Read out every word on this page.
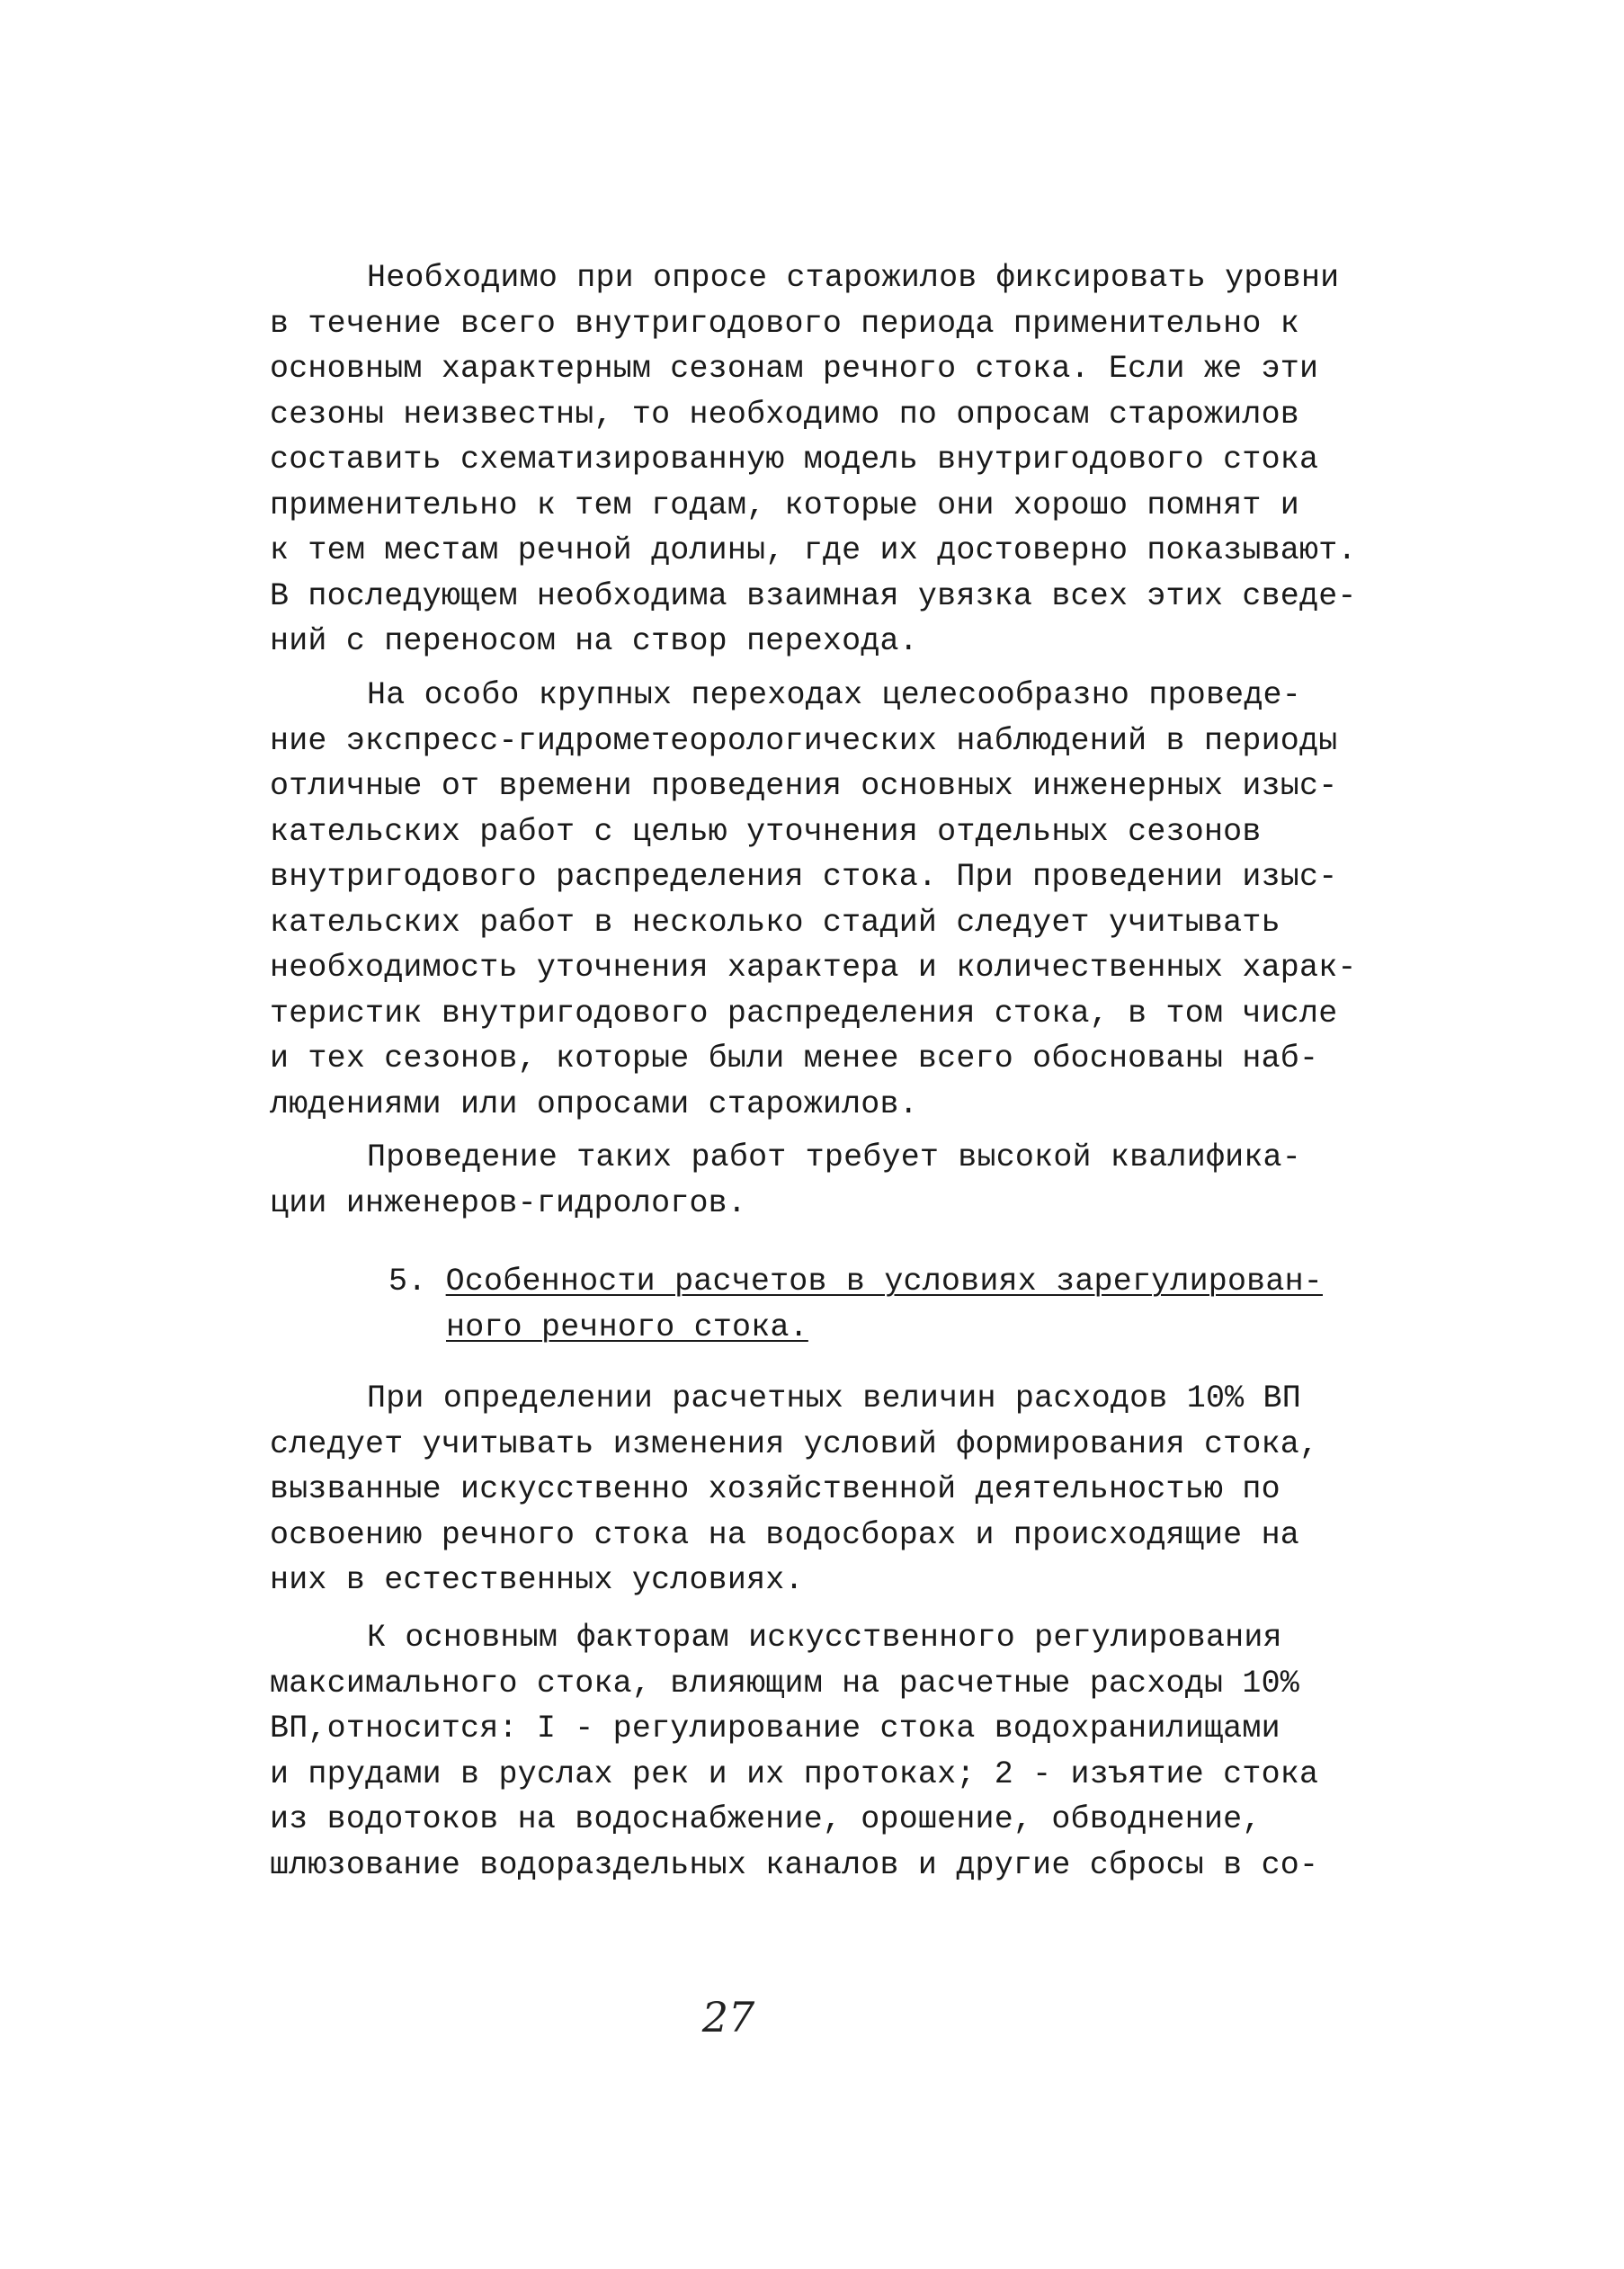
Необходимо при опросе старожилов фиксировать уровни
в течение всего внутригодового периода применительно к
основным характерным сезонам речного стока. Если же эти
сезоны неизвестны, то необходимо по опросам старожилов
составить схематизированную модель внутригодового стока
применительно к тем годам, которые они хорошо помнят и
к тем местам речной долины, где их достоверно показывают.
В последующем необходима взаимная увязка всех этих сведе-
ний с переносом на створ перехода.
На особо крупных переходах целесообразно проведе-
ние экспресс-гидрометеорологических наблюдений в периоды
отличные от времени проведения основных инженерных изыс-
кательских работ с целью уточнения отдельных сезонов
внутригодового распределения стока. При проведении изыс-
кательских работ в несколько стадий следует учитывать
необходимость уточнения характера и количественных харак-
теристик внутригодового распределения стока, в том числе
и тех сезонов, которые были менее всего обоснованы наб-
людениями или опросами старожилов.
Проведение таких работ требует высокой квалифика-
ции инженеров-гидрологов.
5. Особенности расчетов в условиях зарегулирован-
ного речного стока.
При определении расчетных величин расходов 10% ВП
следует учитывать изменения условий формирования стока,
вызванные искусственно хозяйственной деятельностью по
освоению речного стока на водосборах и происходящие на
них в естественных условиях.
К основным факторам искусственного регулирования
максимального стока, влияющим на расчетные расходы 10%
ВП,относится: I - регулирование стока водохранилищами
и прудами в руслах рек и их протоках; 2 - изъятие стока
из водотоков на водоснабжение, орошение, обводнение,
шлюзование водораздельных каналов и другие сбросы в со-
27
